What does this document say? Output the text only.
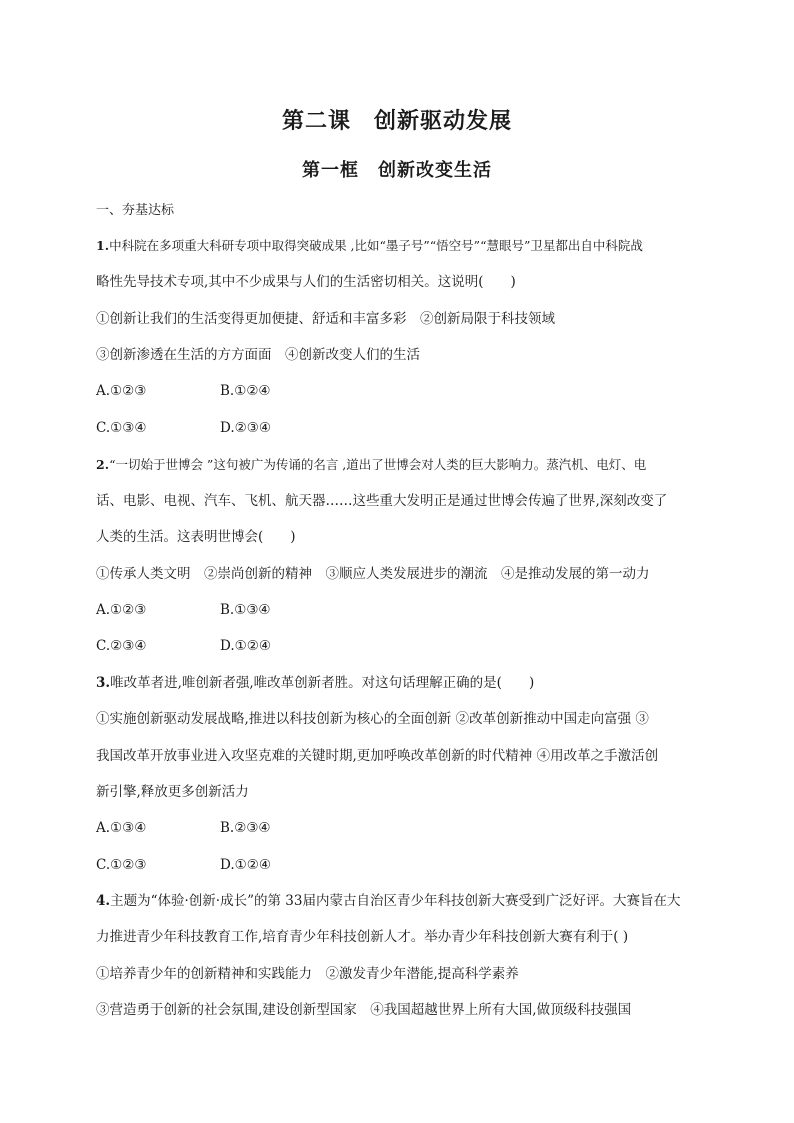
第二课　创新驱动发展
第一框　创新改变生活
一、夯基达标
1.中科院在多项重大科研专项中取得突破成果 ,比如“墨子号”“悟空号”“慧眼号”卫星都出自中科院战
略性先导技术专项,其中不少成果与人们的生活密切相关。这说明(　　)
①创新让我们的生活变得更加便捷、舒适和丰富多彩　②创新局限于科技领域
③创新渗透在生活的方方面面　④创新改变人们的生活
A.①②③	B.①②④
C.①③④	D.②③④
2.“一切始于世博会 ”这句被广为传诵的名言 ,道出了世博会对人类的巨大影响力。蒸汽机、电灯、电
话、电影、电视、汽车、飞机、航天器……这些重大发明正是通过世博会传遍了世界,深刻改变了
人类的生活。这表明世博会(　　)
①传承人类文明　②崇尚创新的精神　③顺应人类发展进步的潮流　④是推动发展的第一动力
A.①②③	B.①③④
C.②③④	D.①②④
3.唯改革者进,唯创新者强,唯改革创新者胜。对这句话理解正确的是(　　)
①实施创新驱动发展战略,推进以科技创新为核心的全面创新 ②改革创新推动中国走向富强 ③
我国改革开放事业进入攻坚克难的关键时期,更加呼唤改革创新的时代精神 ④用改革之手激活创
新引擎,释放更多创新活力
A.①③④	B.②③④
C.①②③	D.①②④
4.主题为“体验·创新·成长”的第 33届内蒙古自治区青少年科技创新大赛受到广泛好评。大赛旨在大
力推进青少年科技教育工作,培育青少年科技创新人才。举办青少年科技创新大赛有利于( )
①培养青少年的创新精神和实践能力　②激发青少年潜能,提高科学素养
③营造勇于创新的社会氛围,建设创新型国家　④我国超越世界上所有大国,做顶级科技强国
